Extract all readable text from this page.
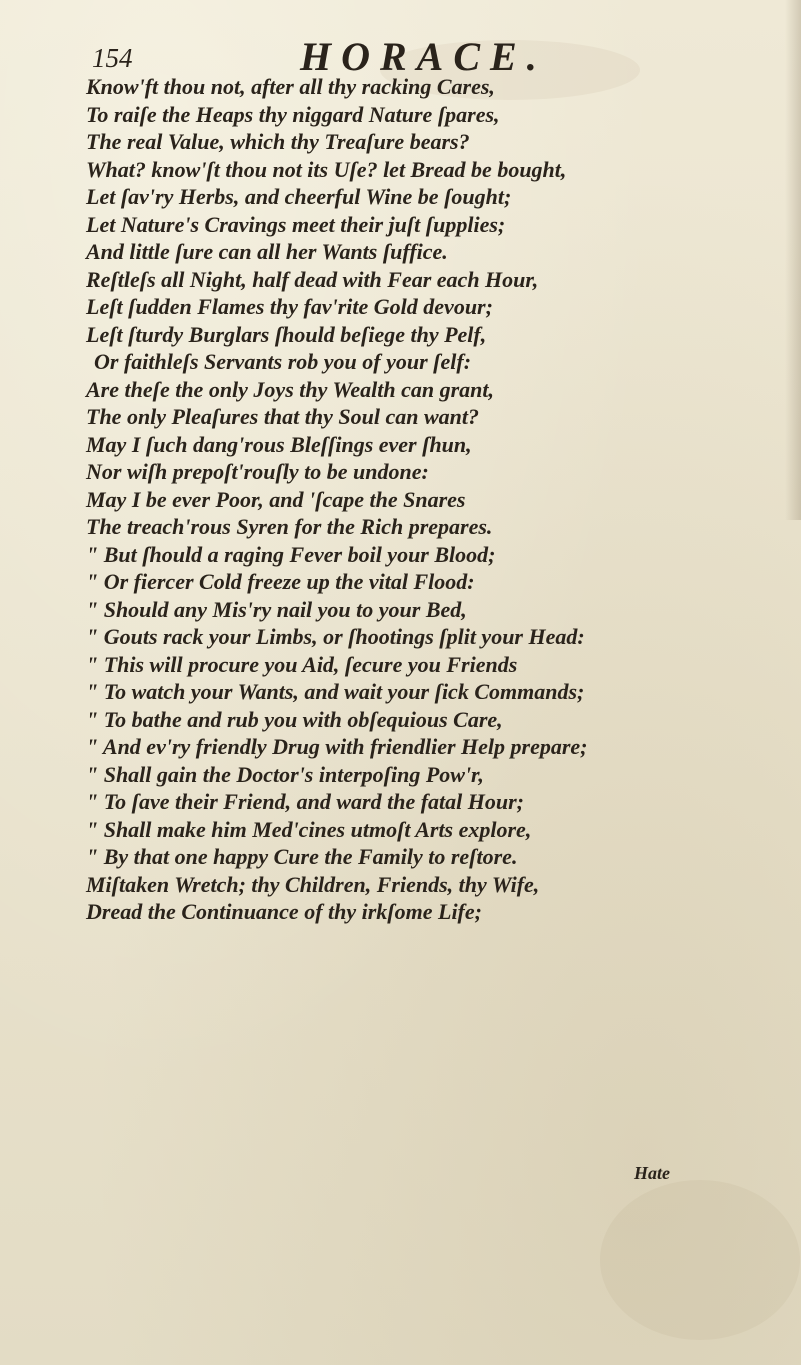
154	HORACE.
Know'ft thou not, after all thy racking Cares,
To raiſe the Heaps thy niggard Nature ſpares,
The real Value, which thy Treaſure bears?
What? know'ſt thou not its Uſe? let Bread be bought,
Let ſav'ry Herbs, and cheerful Wine be ſought;
Let Nature's Cravings meet their juſt ſupplies;
And little ſure can all her Wants ſuffice.
Reſtleſs all Night, half dead with Fear each Hour,
Leſt ſudden Flames thy fav'rite Gold devour;
Leſt ſturdy Burglars ſhould beſiege thy Pelf,
Or faithleſs Servants rob you of your ſelf:
Are theſe the only Joys thy Wealth can grant,
The only Pleaſures that thy Soul can want?
May I ſuch dang'rous Bleſſings ever ſhun,
Nor wiſh prepoſt'rouſly to be undone:
May I be ever Poor, and 'ſcape the Snares
The treach'rous Syren for the Rich prepares.
" But ſhould a raging Fever boil your Blood;
" Or fiercer Cold freeze up the vital Flood:
" Should any Mis'ry nail you to your Bed,
" Gouts rack your Limbs, or ſhootings ſplit your Head:
" This will procure you Aid, ſecure you Friends
" To watch your Wants, and wait your ſick Commands;
" To bathe and rub you with obſequious Care,
" And ev'ry friendly Drug with friendlier Help prepare;
" Shall gain the Doctor's interpoſing Pow'r,
" To ſave their Friend, and ward the fatal Hour;
" Shall make him Med'cines utmoſt Arts explore,
" By that one happy Cure the Family to reſtore.
Miſtaken Wretch; thy Children, Friends, thy Wife,
Dread the Continuance of thy irkſome Life;
Hate
